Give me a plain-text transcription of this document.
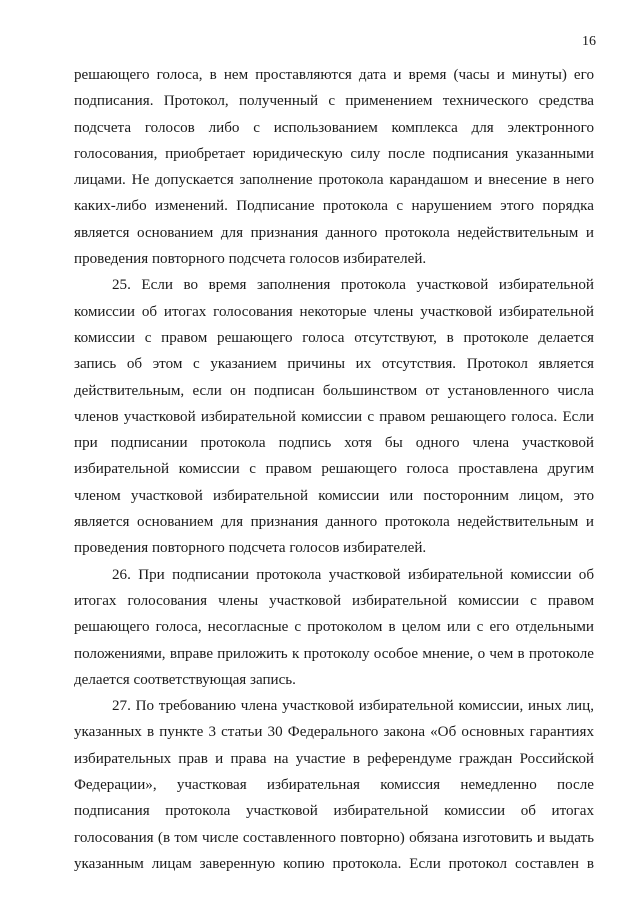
16
решающего голоса, в нем проставляются дата и время (часы и минуты) его
подписания. Протокол, полученный с применением технического средства
подсчета голосов либо с использованием комплекса для электронного
голосования, приобретает юридическую силу после подписания указанными
лицами. Не допускается заполнение протокола карандашом и внесение в него
каких-либо изменений. Подписание протокола с нарушением этого порядка
является основанием для признания данного протокола недействительным и
проведения повторного подсчета голосов избирателей.
25. Если во время заполнения протокола участковой избирательной
комиссии об итогах голосования некоторые члены участковой избирательной
комиссии с правом решающего голоса отсутствуют, в протоколе делается
запись об этом с указанием причины их отсутствия. Протокол является
действительным, если он подписан большинством от установленного числа
членов участковой избирательной комиссии с правом решающего голоса. Если
при подписании протокола подпись хотя бы одного члена участковой
избирательной комиссии с правом решающего голоса проставлена другим
членом участковой избирательной комиссии или посторонним лицом, это
является основанием для признания данного протокола недействительным и
проведения повторного подсчета голосов избирателей.
26. При подписании протокола участковой избирательной комиссии об
итогах голосования члены участковой избирательной комиссии с правом
решающего голоса, несогласные с протоколом в целом или с его отдельными
положениями, вправе приложить к протоколу особое мнение, о чем в протоколе
делается соответствующая запись.
27. По требованию члена участковой избирательной комиссии, иных лиц,
указанных в пункте 3 статьи 30 Федерального закона «Об основных гарантиях
избирательных прав и права на участие в референдуме граждан Российской
Федерации», участковая избирательная комиссия немедленно после
подписания протокола участковой избирательной комиссии об итогах
голосования (в том числе составленного повторно) обязана изготовить и выдать
указанным лицам заверенную копию протокола. Если протокол составлен в
